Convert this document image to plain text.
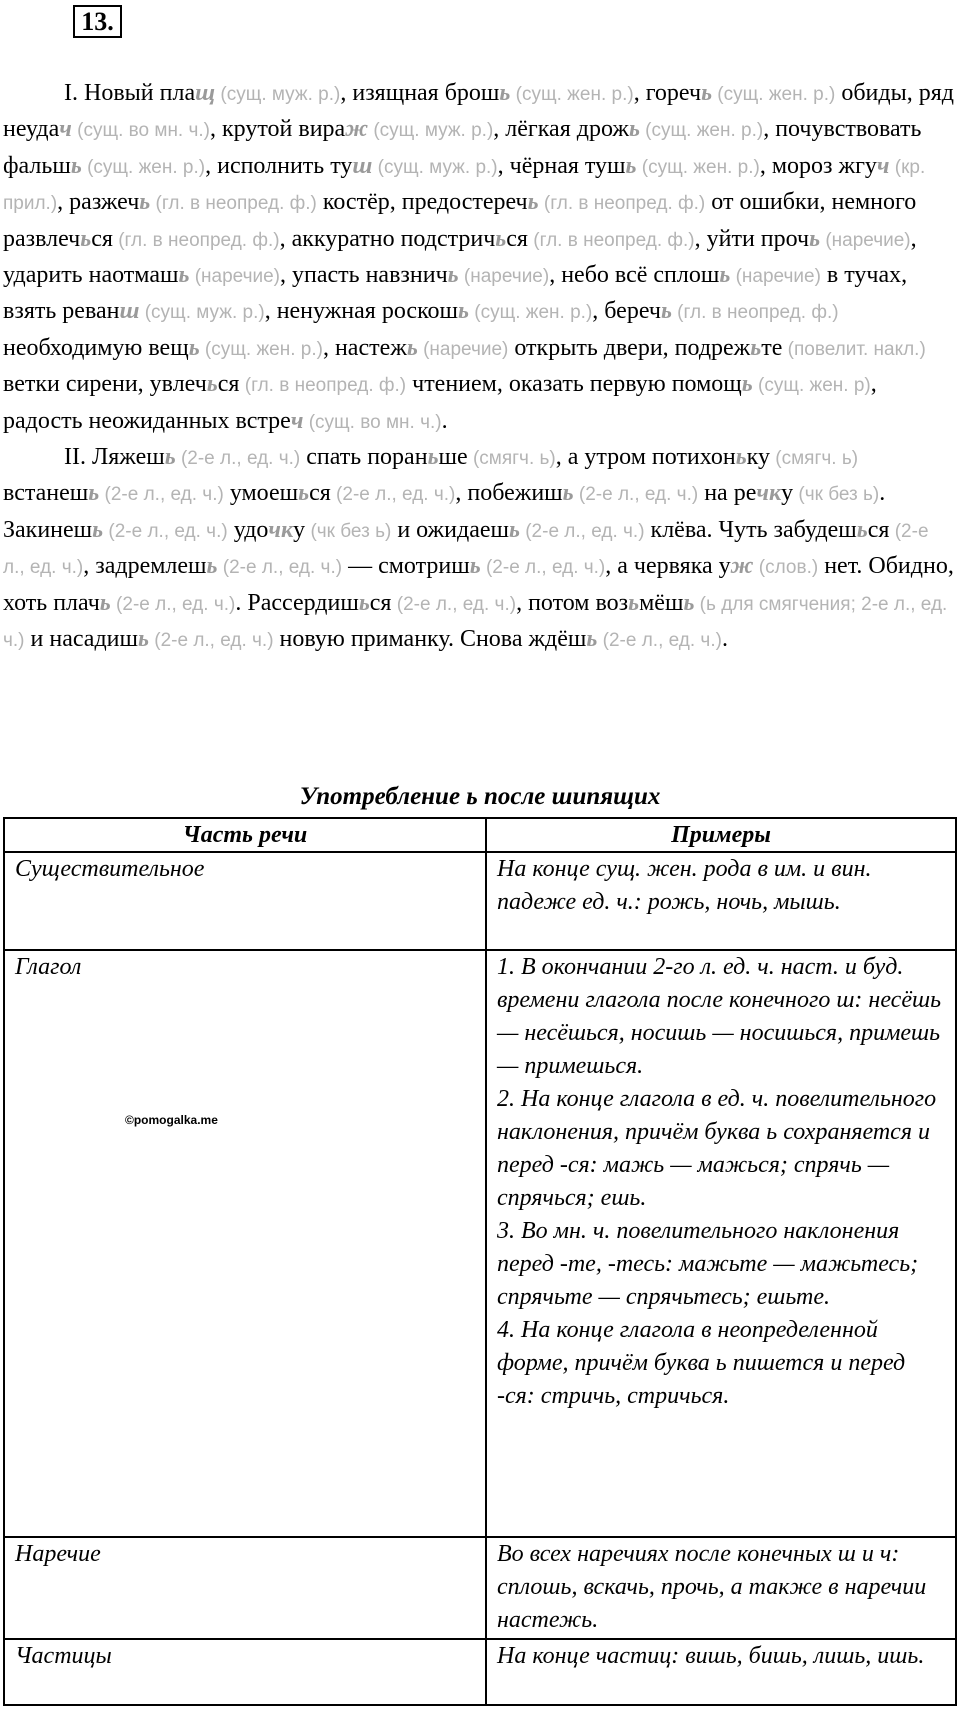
13.

I. Новый плащ (сущ. муж. р.), изящная брошь (сущ. жен. р.), горечь (сущ. жен. р.) обиды, ряд неудач (сущ. во мн. ч.), крутой вираж (сущ. муж. р.), лёгкая дрожь (сущ. жен. р.), почувствовать фальшь (сущ. жен. р.), исполнить туш (сущ. муж. р.), чёрная тушь (сущ. жен. р.), мороз жгуч (кр. прил.), разжечь (гл. в неопред. ф.) костёр, предостеречь (гл. в неопред. ф.) от ошибки, немного развлечься (гл. в неопред. ф.), аккуратно подстричься (гл. в неопред. ф.), уйти прочь (наречие), ударить наотмашь (наречие), упасть навзничь (наречие), небо всё сплошь (наречие) в тучах, взять реванш (сущ. муж. р.), ненужная роскошь (сущ. жен. р.), беречь (гл. в неопред. ф.) необходимую вещь (сущ. жен. р.), настежь (наречие) открыть двери, подрежьте (повелит. накл.) ветки сирени, увлечься (гл. в неопред. ф.) чтением, оказать первую помощь (сущ. жен. р), радость неожиданных встреч (сущ. во мн. ч.).

II. Ляжешь (2-е л., ед. ч.) спать пораньше (смягч. ь), а утром потихоньку (смягч. ь) встанешь (2-е л., ед. ч.) умоешься (2-е л., ед. ч.), побежишь (2-е л., ед. ч.) на речку (чк без ь). Закинешь (2-е л., ед. ч.) удочку (чк без ь) и ожидаешь (2-е л., ед. ч.) клёва. Чуть забудешься (2-е л., ед. ч.), задремлешь (2-е л., ед. ч.) — смотришь (2-е л., ед. ч.), а червяка уж (слов.) нет. Обидно, хоть плачь (2-е л., ед. ч.). Рассердишься (2-е л., ед. ч.), потом возьмёшь (ь для смягчения; 2-е л., ед. ч.) и насадишь (2-е л., ед. ч.) новую приманку. Снова ждёшь (2-е л., ед. ч.).

Употребление ь после шипящих
Часть речи	Примеры
Существительное	На конце сущ. жен. рода в им. и вин. падеже ед. ч.: рожь, ночь, мышь.

Глагол	1. В окончании 2-го л. ед. ч. наст. и буд. времени глагола после конечного ш: несёшь — несёшься, носишь — носишься, примешь — примешься.
2. На конце глагола в ед. ч. повелительного наклонения, причём буква ь сохраняется и перед -ся: мажь — мажься; спрячь — спрячься; ешь.
3. Во мн. ч. повелительного наклонения перед -те, -тесь: мажьте — мажьтесь; спрячьте — спрячьтесь; ешьте.
4. На конце глагола в неопределенной форме, причём буква ь пишется и перед -ся: стричь, стричься.

Наречие	Во всех наречиях после конечных ш и ч: сплошь, вскачь, прочь, а также в наречии настежь.

Частицы	На конце частиц: вишь, бишь, лишь, ишь.
©pomogalka.me
